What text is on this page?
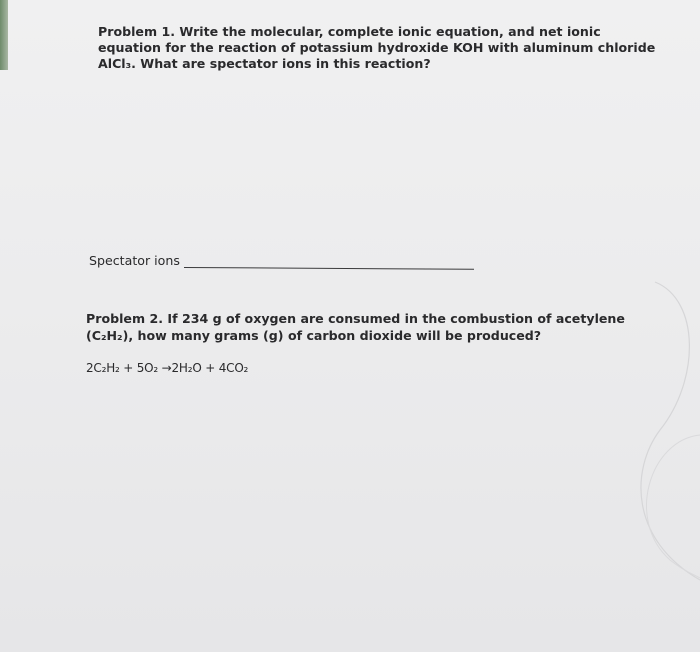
Problem 1. Write the molecular, complete ionic equation, and net ionic equation for the reaction of potassium hydroxide KOH with aluminum chloride AlCl₃. What are spectator ions in this reaction?
Spectator ions
Problem 2. If 234 g of oxygen are consumed in the combustion of acetylene (C₂H₂), how many grams (g) of carbon dioxide will be produced?
2C₂H₂ + 5O₂ →2H₂O + 4CO₂
